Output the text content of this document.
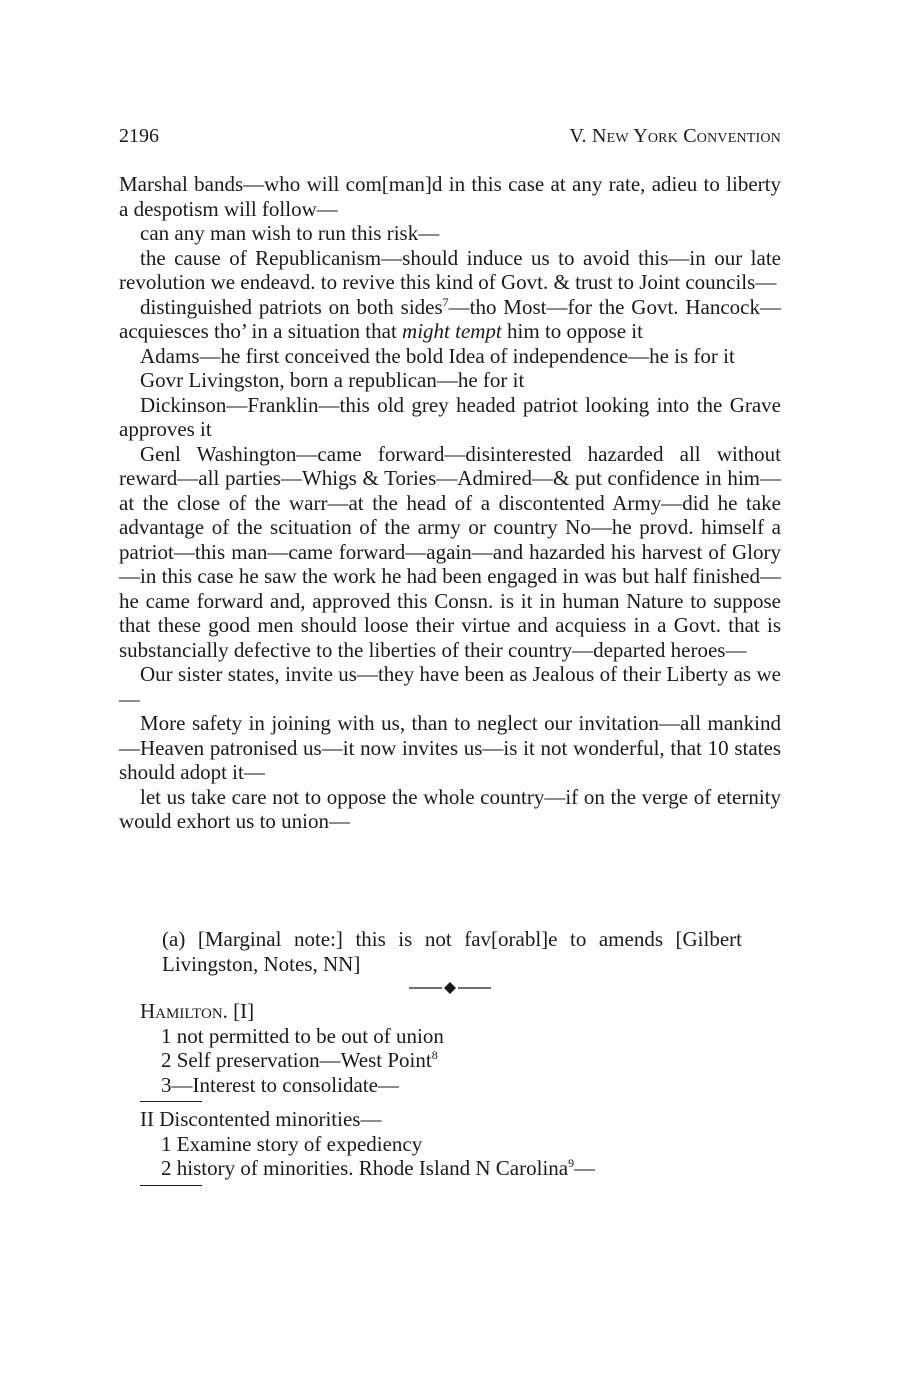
2196	V. New York Convention

Marshal bands—who will com[man]d in this case at any rate, adieu to liberty a despotism will follow—

can any man wish to run this risk—

the cause of Republicanism—should induce us to avoid this—in our late revolution we endeavd. to revive this kind of Govt. & trust to Joint councils—

distinguished patriots on both sides$^7$—tho Most—for the Govt. Hancock—acquiesces tho’ in a situation that might tempt him to oppose it

Adams—he first conceived the bold Idea of independence—he is for it

Govr Livingston, born a republican—he for it

Dickinson—Franklin—this old grey headed patriot looking into the Grave approves it

Genl Washington—came forward—disinterested hazarded all without reward—all parties—Whigs & Tories—Admired—& put confidence in him—at the close of the warr—at the head of a discontented Army—did he take advantage of the scituation of the army or country No—he provd. himself a patriot—this man—came forward—again—and hazarded his harvest of Glory—in this case he saw the work he had been engaged in was but half finished—he came forward and, approved this Consn. is it in human Nature to suppose that these good men should loose their virtue and acquiess in a Govt. that is substancially defective to the liberties of their country—departed heroes—

Our sister states, invite us—they have been as Jealous of their Liberty as we—

More safety in joining with us, than to neglect our invitation—all mankind—Heaven patronised us—it now invites us—is it not wonderful, that 10 states should adopt it—

let us take care not to oppose the whole country—if on the verge of eternity would exhort us to union—

(a) [Marginal note:] this is not fav[orabl]e to amends [Gilbert Livingston, Notes, NN]

Hamilton. [I]

1 not permitted to be out of union

2 Self preservation—West Point$^8$

3—Interest to consolidate—

II Discontented minorities—

1 Examine story of expediency

2 history of minorities. Rhode Island N Carolina$^9$—
